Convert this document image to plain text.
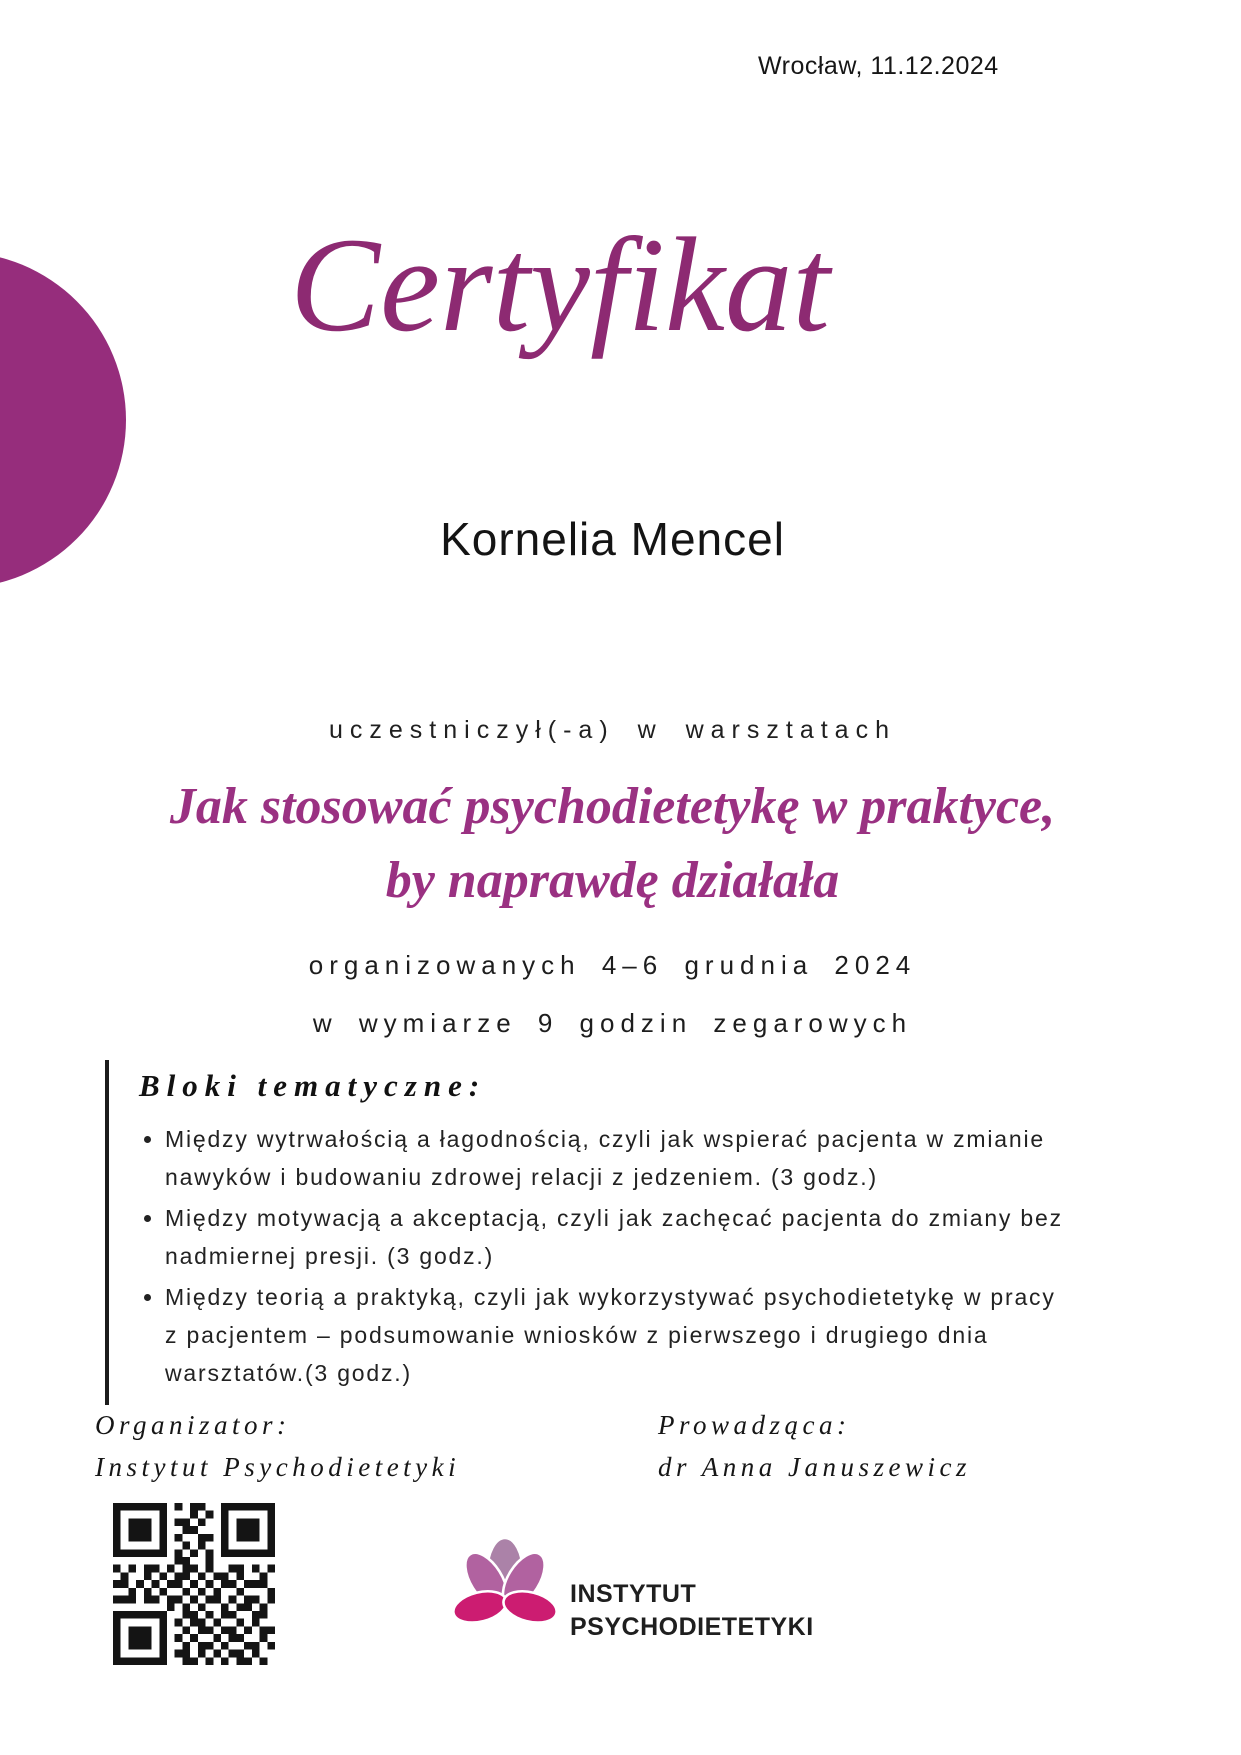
Wrocław, 11.12.2024
Certyfikat
Kornelia Mencel
uczestniczył(-a) w warsztatach
Jak stosować psychodietetykę w praktyce,
by naprawdę działała
organizowanych 4–6 grudnia 2024
w wymiarze 9 godzin zegarowych
Bloki tematyczne:
• Między wytrwałością a łagodnością, czyli jak wspierać pacjenta w zmianie nawyków i budowaniu zdrowej relacji z jedzeniem. (3 godz.)
• Między motywacją a akceptacją, czyli jak zachęcać pacjenta do zmiany bez nadmiernej presji. (3 godz.)
• Między teorią a praktyką, czyli jak wykorzystywać psychodietetykę w pracy z pacjentem – podsumowanie wniosków z pierwszego i drugiego dnia warsztatów.(3 godz.)
Organizator:
Instytut Psychodietetyki
Prowadząca:
dr Anna Januszewicz
INSTYTUT
PSYCHODIETETYKI
